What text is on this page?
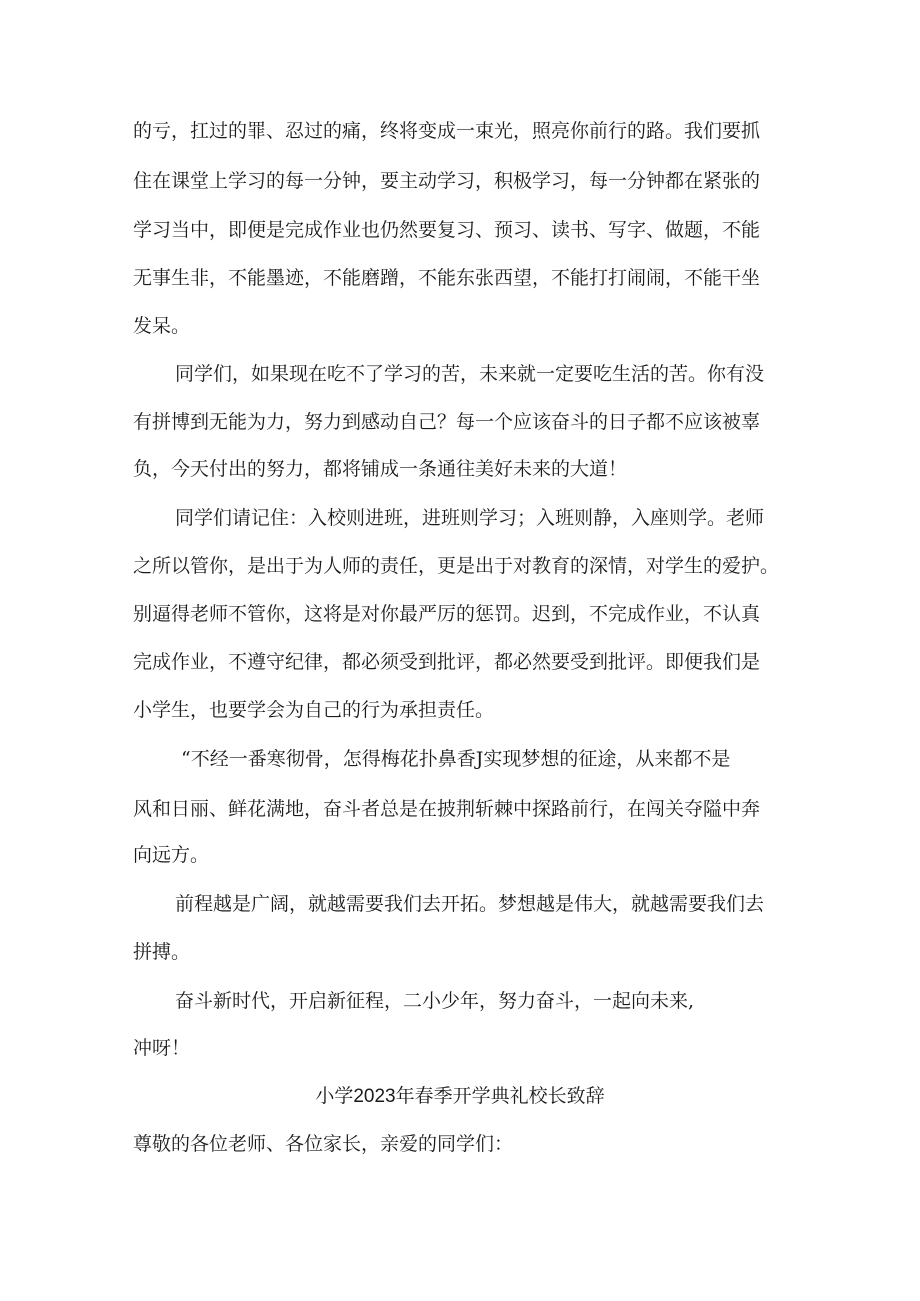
的亏，扛过的罪、忍过的痛，终将变成一束光，照亮你前行的路。我们要抓
住在课堂上学习的每一分钟，要主动学习，积极学习，每一分钟都在紧张的
学习当中，即便是完成作业也仍然要复习、预习、读书、写字、做题，不能
无事生非，不能墨迹，不能磨蹭，不能东张西望，不能打打闹闹，不能干坐
发呆。
同学们，如果现在吃不了学习的苦，未来就一定要吃生活的苦。你有没
有拼博到无能为力，努力到感动自己？每一个应该奋斗的日子都不应该被辜
负，今天付出的努力，都将铺成一条通往美好未来的大道！
同学们请记住：入校则进班，进班则学习；入班则静，入座则学。老师
之所以管你，是出于为人师的责任，更是出于对教育的深情，对学生的爱护。
别逼得老师不管你，这将是对你最严厉的惩罚。迟到，不完成作业，不认真
完成作业，不遵守纪律，都必须受到批评，都必然要受到批评。即便我们是
小学生，也要学会为自己的行为承担责任。
“不经一番寒彻骨，怎得梅花扑鼻香J实现梦想的征途，从来都不是
风和日丽、鲜花满地，奋斗者总是在披荆斩棘中探路前行，在闯关夺隘中奔
向远方。
前程越是广阔，就越需要我们去开拓。梦想越是伟大，就越需要我们去
拼搏。
奋斗新时代，开启新征程，二小少年，努力奋斗，一起向未来,
冲呀！
小学2023年春季开学典礼校长致辞
尊敬的各位老师、各位家长，亲爱的同学们：
